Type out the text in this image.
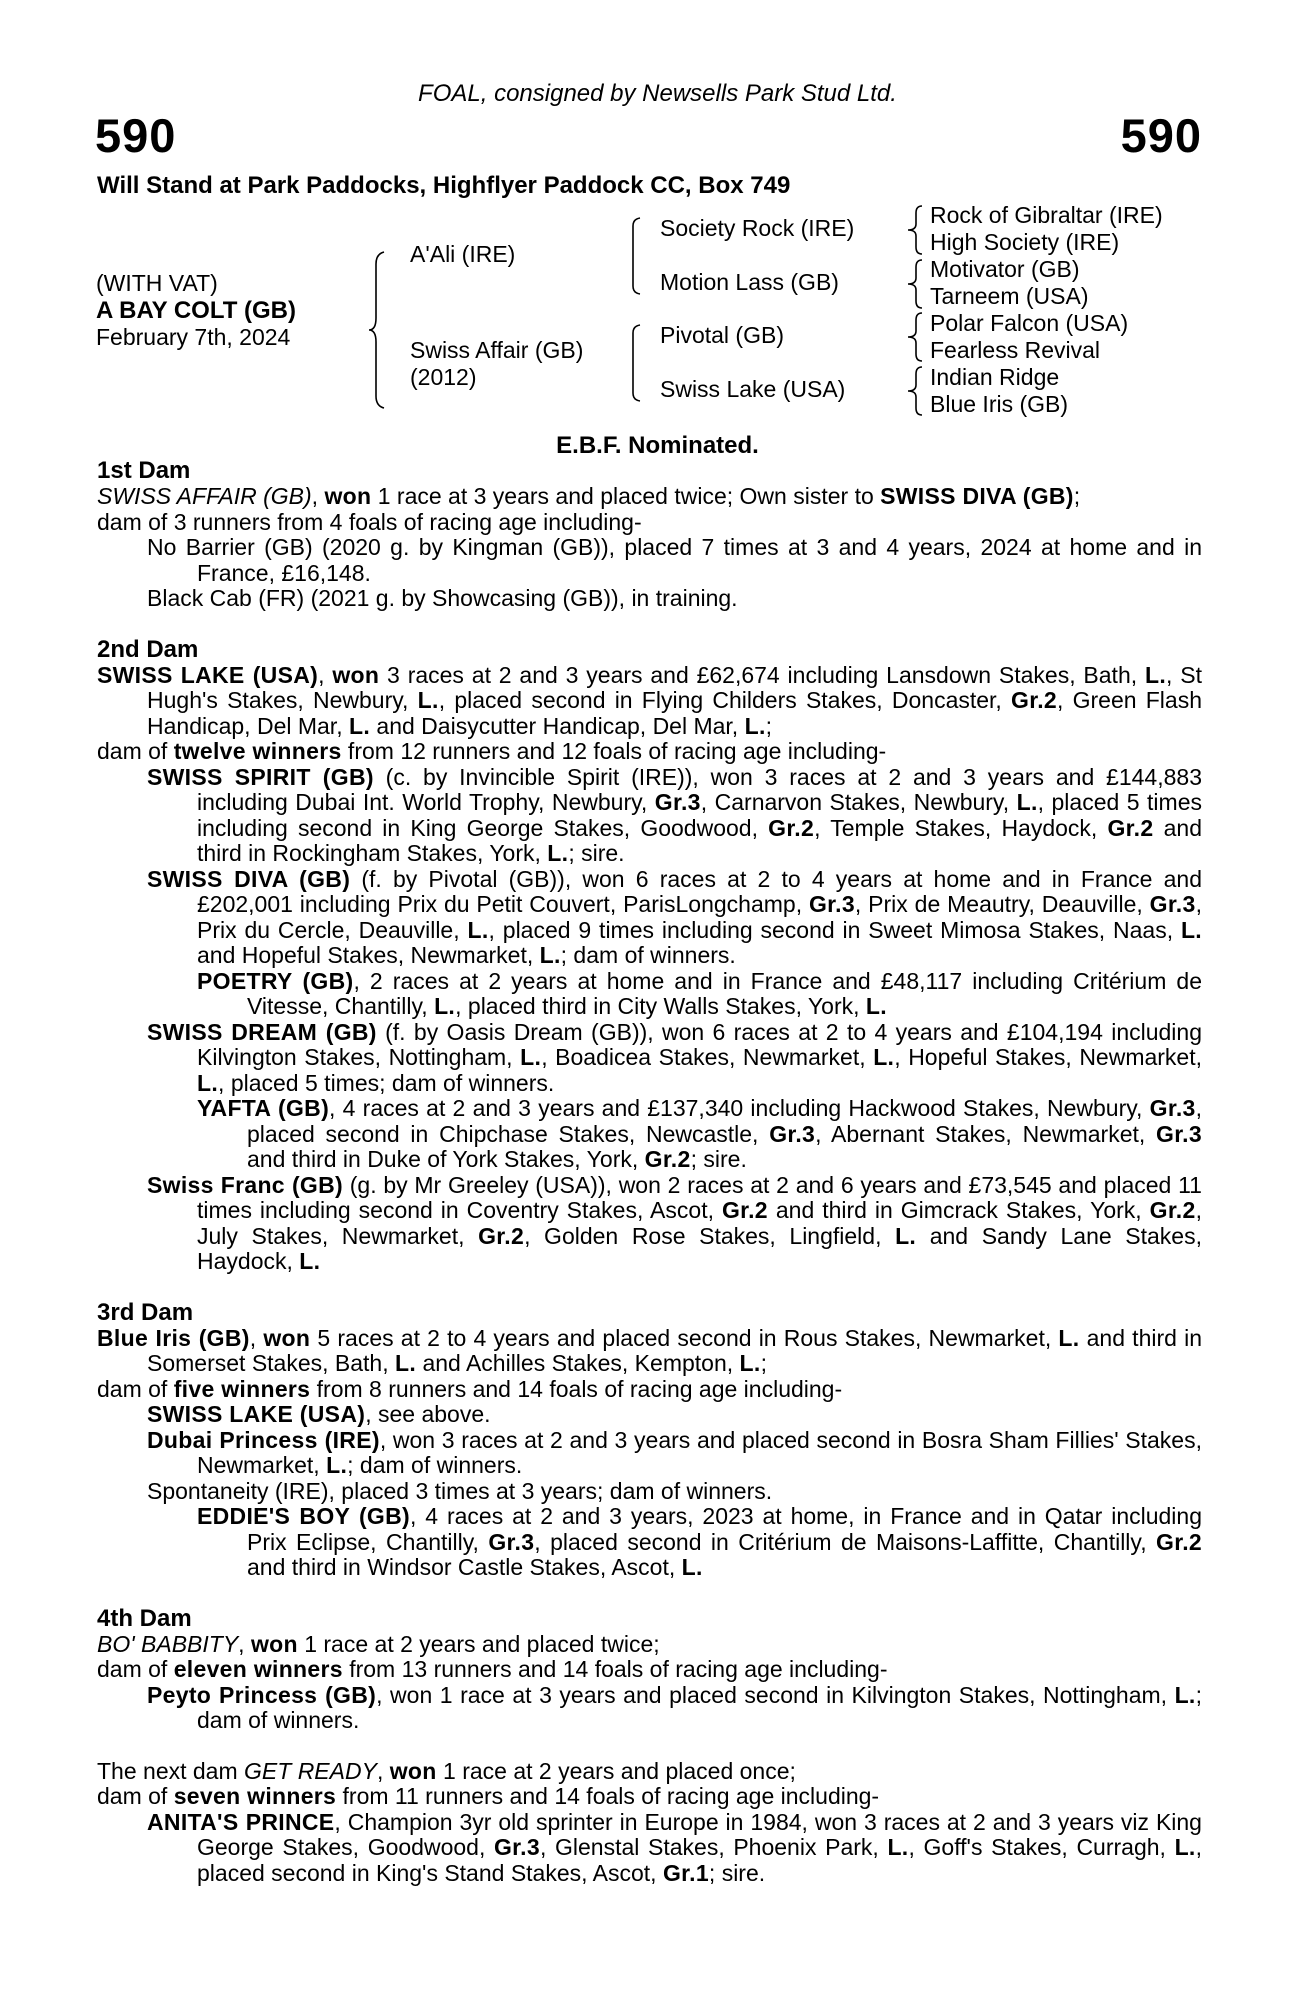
FOAL, consigned by Newsells Park Stud Ltd.
590	590
Will Stand at Park Paddocks, Highflyer Paddock CC, Box 749
(WITH VAT)
A BAY COLT (GB)
February 7th, 2024
A'Ali (IRE)
Swiss Affair (GB)
(2012)
Society Rock (IRE)
Motion Lass (GB)
Pivotal (GB)
Swiss Lake (USA)
Rock of Gibraltar (IRE)
High Society (IRE)
Motivator (GB)
Tarneem (USA)
Polar Falcon (USA)
Fearless Revival
Indian Ridge
Blue Iris (GB)
E.B.F. Nominated.
1st Dam

SWISS AFFAIR (GB), won 1 race at 3 years and placed twice; Own sister to SWISS DIVA (GB);

dam of 3 runners from 4 foals of racing age including-

No Barrier (GB) (2020 g. by Kingman (GB)), placed 7 times at 3 and 4 years, 2024 at home and in France, £16,148.

Black Cab (FR) (2021 g. by Showcasing (GB)), in training.

2nd Dam

SWISS LAKE (USA), won 3 races at 2 and 3 years and £62,674 including Lansdown Stakes, Bath, L., St Hugh's Stakes, Newbury, L., placed second in Flying Childers Stakes, Doncaster, Gr.2, Green Flash Handicap, Del Mar, L. and Daisycutter Handicap, Del Mar, L.;

dam of twelve winners from 12 runners and 12 foals of racing age including-

SWISS SPIRIT (GB) (c. by Invincible Spirit (IRE)), won 3 races at 2 and 3 years and £144,883 including Dubai Int. World Trophy, Newbury, Gr.3, Carnarvon Stakes, Newbury, L., placed 5 times including second in King George Stakes, Goodwood, Gr.2, Temple Stakes, Haydock, Gr.2 and third in Rockingham Stakes, York, L.; sire.

SWISS DIVA (GB) (f. by Pivotal (GB)), won 6 races at 2 to 4 years at home and in France and £202,001 including Prix du Petit Couvert, ParisLongchamp, Gr.3, Prix de Meautry, Deauville, Gr.3, Prix du Cercle, Deauville, L., placed 9 times including second in Sweet Mimosa Stakes, Naas, L. and Hopeful Stakes, Newmarket, L.; dam of winners.

POETRY (GB), 2 races at 2 years at home and in France and £48,117 including Critérium de Vitesse, Chantilly, L., placed third in City Walls Stakes, York, L.

SWISS DREAM (GB) (f. by Oasis Dream (GB)), won 6 races at 2 to 4 years and £104,194 including Kilvington Stakes, Nottingham, L., Boadicea Stakes, Newmarket, L., Hopeful Stakes, Newmarket, L., placed 5 times; dam of winners.

YAFTA (GB), 4 races at 2 and 3 years and £137,340 including Hackwood Stakes, Newbury, Gr.3, placed second in Chipchase Stakes, Newcastle, Gr.3, Abernant Stakes, Newmarket, Gr.3 and third in Duke of York Stakes, York, Gr.2; sire.

Swiss Franc (GB) (g. by Mr Greeley (USA)), won 2 races at 2 and 6 years and £73,545 and placed 11 times including second in Coventry Stakes, Ascot, Gr.2 and third in Gimcrack Stakes, York, Gr.2, July Stakes, Newmarket, Gr.2, Golden Rose Stakes, Lingfield, L. and Sandy Lane Stakes, Haydock, L.

3rd Dam

Blue Iris (GB), won 5 races at 2 to 4 years and placed second in Rous Stakes, Newmarket, L. and third in Somerset Stakes, Bath, L. and Achilles Stakes, Kempton, L.;

dam of five winners from 8 runners and 14 foals of racing age including-

SWISS LAKE (USA), see above.

Dubai Princess (IRE), won 3 races at 2 and 3 years and placed second in Bosra Sham Fillies' Stakes, Newmarket, L.; dam of winners.

Spontaneity (IRE), placed 3 times at 3 years; dam of winners.

EDDIE'S BOY (GB), 4 races at 2 and 3 years, 2023 at home, in France and in Qatar including Prix Eclipse, Chantilly, Gr.3, placed second in Critérium de Maisons-Laffitte, Chantilly, Gr.2 and third in Windsor Castle Stakes, Ascot, L.

4th Dam

BO' BABBITY, won 1 race at 2 years and placed twice;

dam of eleven winners from 13 runners and 14 foals of racing age including-

Peyto Princess (GB), won 1 race at 3 years and placed second in Kilvington Stakes, Nottingham, L.; dam of winners.

The next dam GET READY, won 1 race at 2 years and placed once;

dam of seven winners from 11 runners and 14 foals of racing age including-

ANITA'S PRINCE, Champion 3yr old sprinter in Europe in 1984, won 3 races at 2 and 3 years viz King George Stakes, Goodwood, Gr.3, Glenstal Stakes, Phoenix Park, L., Goff's Stakes, Curragh, L., placed second in King's Stand Stakes, Ascot, Gr.1; sire.
